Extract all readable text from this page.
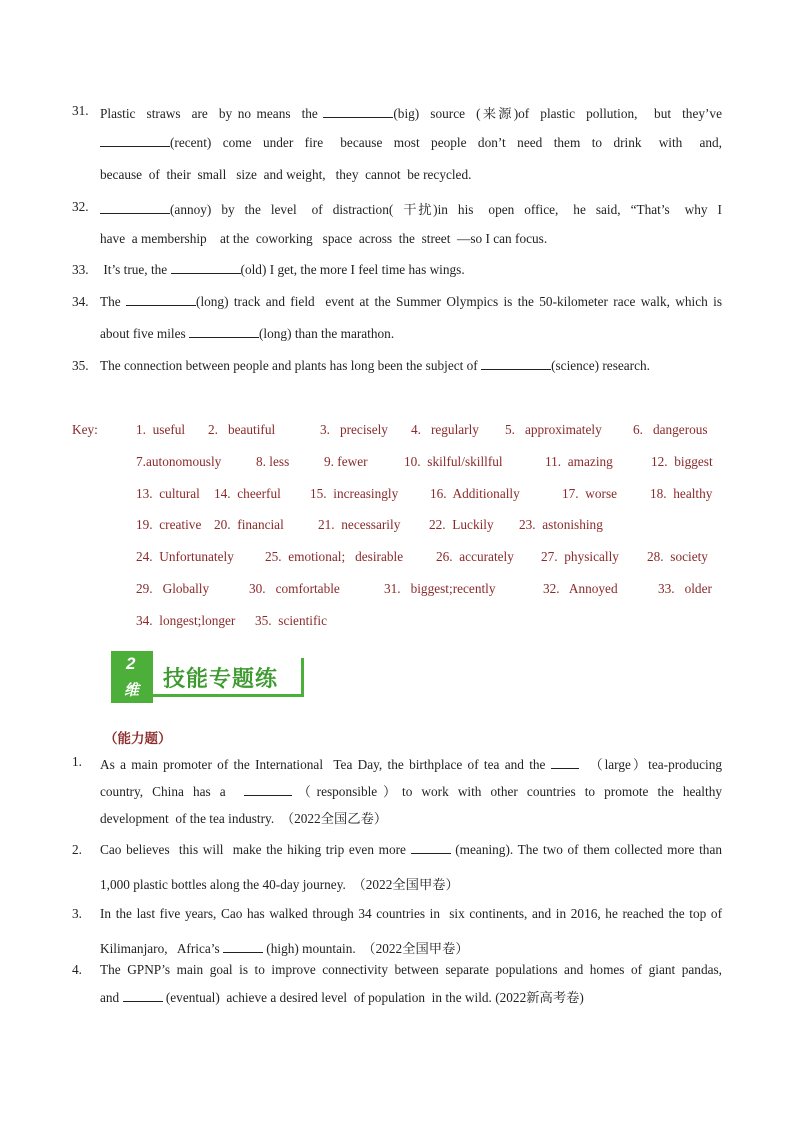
31. Plastic  straws  are  by no means  the	(big)  source  (来源)of  plastic  pollution,   but  they’ve
(recent)  come  under  fire   because  most  people  don’t  need  them  to  drink   with   and,
because  of  their  small   size  and weight,   they  cannot  be recycled.
32.	(annoy)  by  the  level   of  distraction(  干扰)in  his   open  office,   he  said,  “That’s   why  I
have  a membership    at the  coworking   space  across  the  street  —so I can focus.
33. It’s true, the	(old) I get, the more I feel time has wings.
34. The	(long) track and field  event at the Summer Olympics is the 50-kilometer race walk, which is
about five miles	(long) than the marathon.
35. The connection between people and plants has long been the subject of	(science) research.
Key:	1.  useful 2.   beautiful	3.   precisely 4.   regularly 5.   approximately 6.   dangerous
7.autonomously	8. less	9. fewer	10.  skilful/skillful	11.  amazing	12.  biggest
13.  cultural 14.  cheerful 15.  increasingly 16.  Additionally	17.  worse 18.  healthy
19.  creative 20.  financial	21.  necessarily 22.  Luckily 23.  astonishing
24.  Unfortunately 25.  emotional;   desirable 26.  accurately 27.  physically 28.  society
29.   Globally	30.   comfortable	31.   biggest;recently	32.   Annoyed	33.   older
34.  longest;longer 35.  scientific
2
维 技能专题练
（能力题）
1. As a main promoter of the International  Tea Day, the birthplace of tea and the   （large）tea-producing
country, China has a	（responsible）to work with other countries to promote the healthy
development  of the tea industry.  （2022全国乙卷）
2. Cao believes  this will  make the hiking trip even more	(meaning). The two of them collected more than
1,000 plastic bottles along the 40-day journey.  （2022全国甲卷）
3. In the last five years, Cao has walked through 34 countries in  six continents, and in 2016, he reached the top of
Kilimanjaro,   Africa’s	(high) mountain.  （2022全国甲卷）
4. The GPNP’s main goal is to improve connectivity between separate populations and homes of giant pandas,
and	(eventual)  achieve a desired level  of population  in the wild. (2022新高考卷)
